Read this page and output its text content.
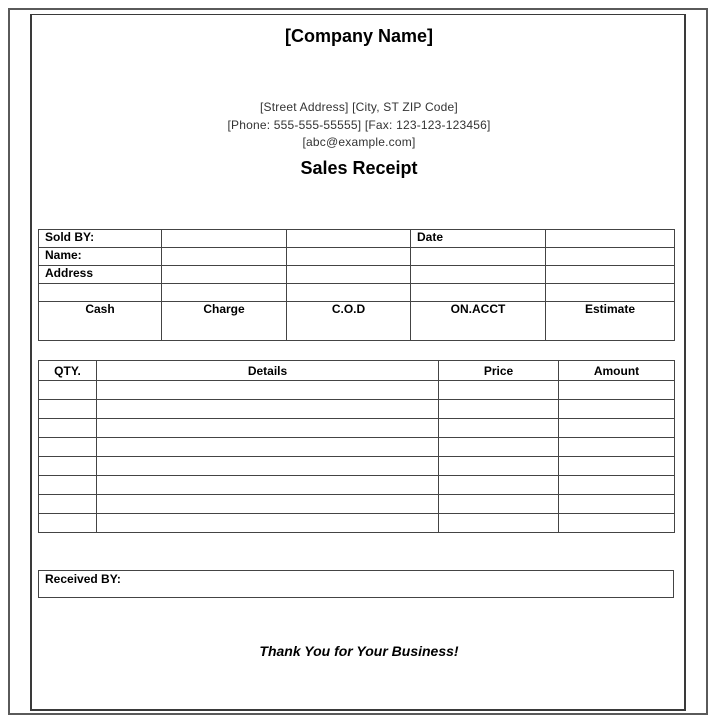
[Company Name]
[Street Address] [City, ST ZIP Code]
[Phone: 555-555-55555] [Fax: 123-123-123456]
[abc@example.com]
Sales Receipt
Sold BY:			Date	
Name:				
Address				

Cash	Charge	C.O.D	ON.ACCT	Estimate
QTY.	Details	Price	Amount

Received BY:
Thank You for Your Business!
